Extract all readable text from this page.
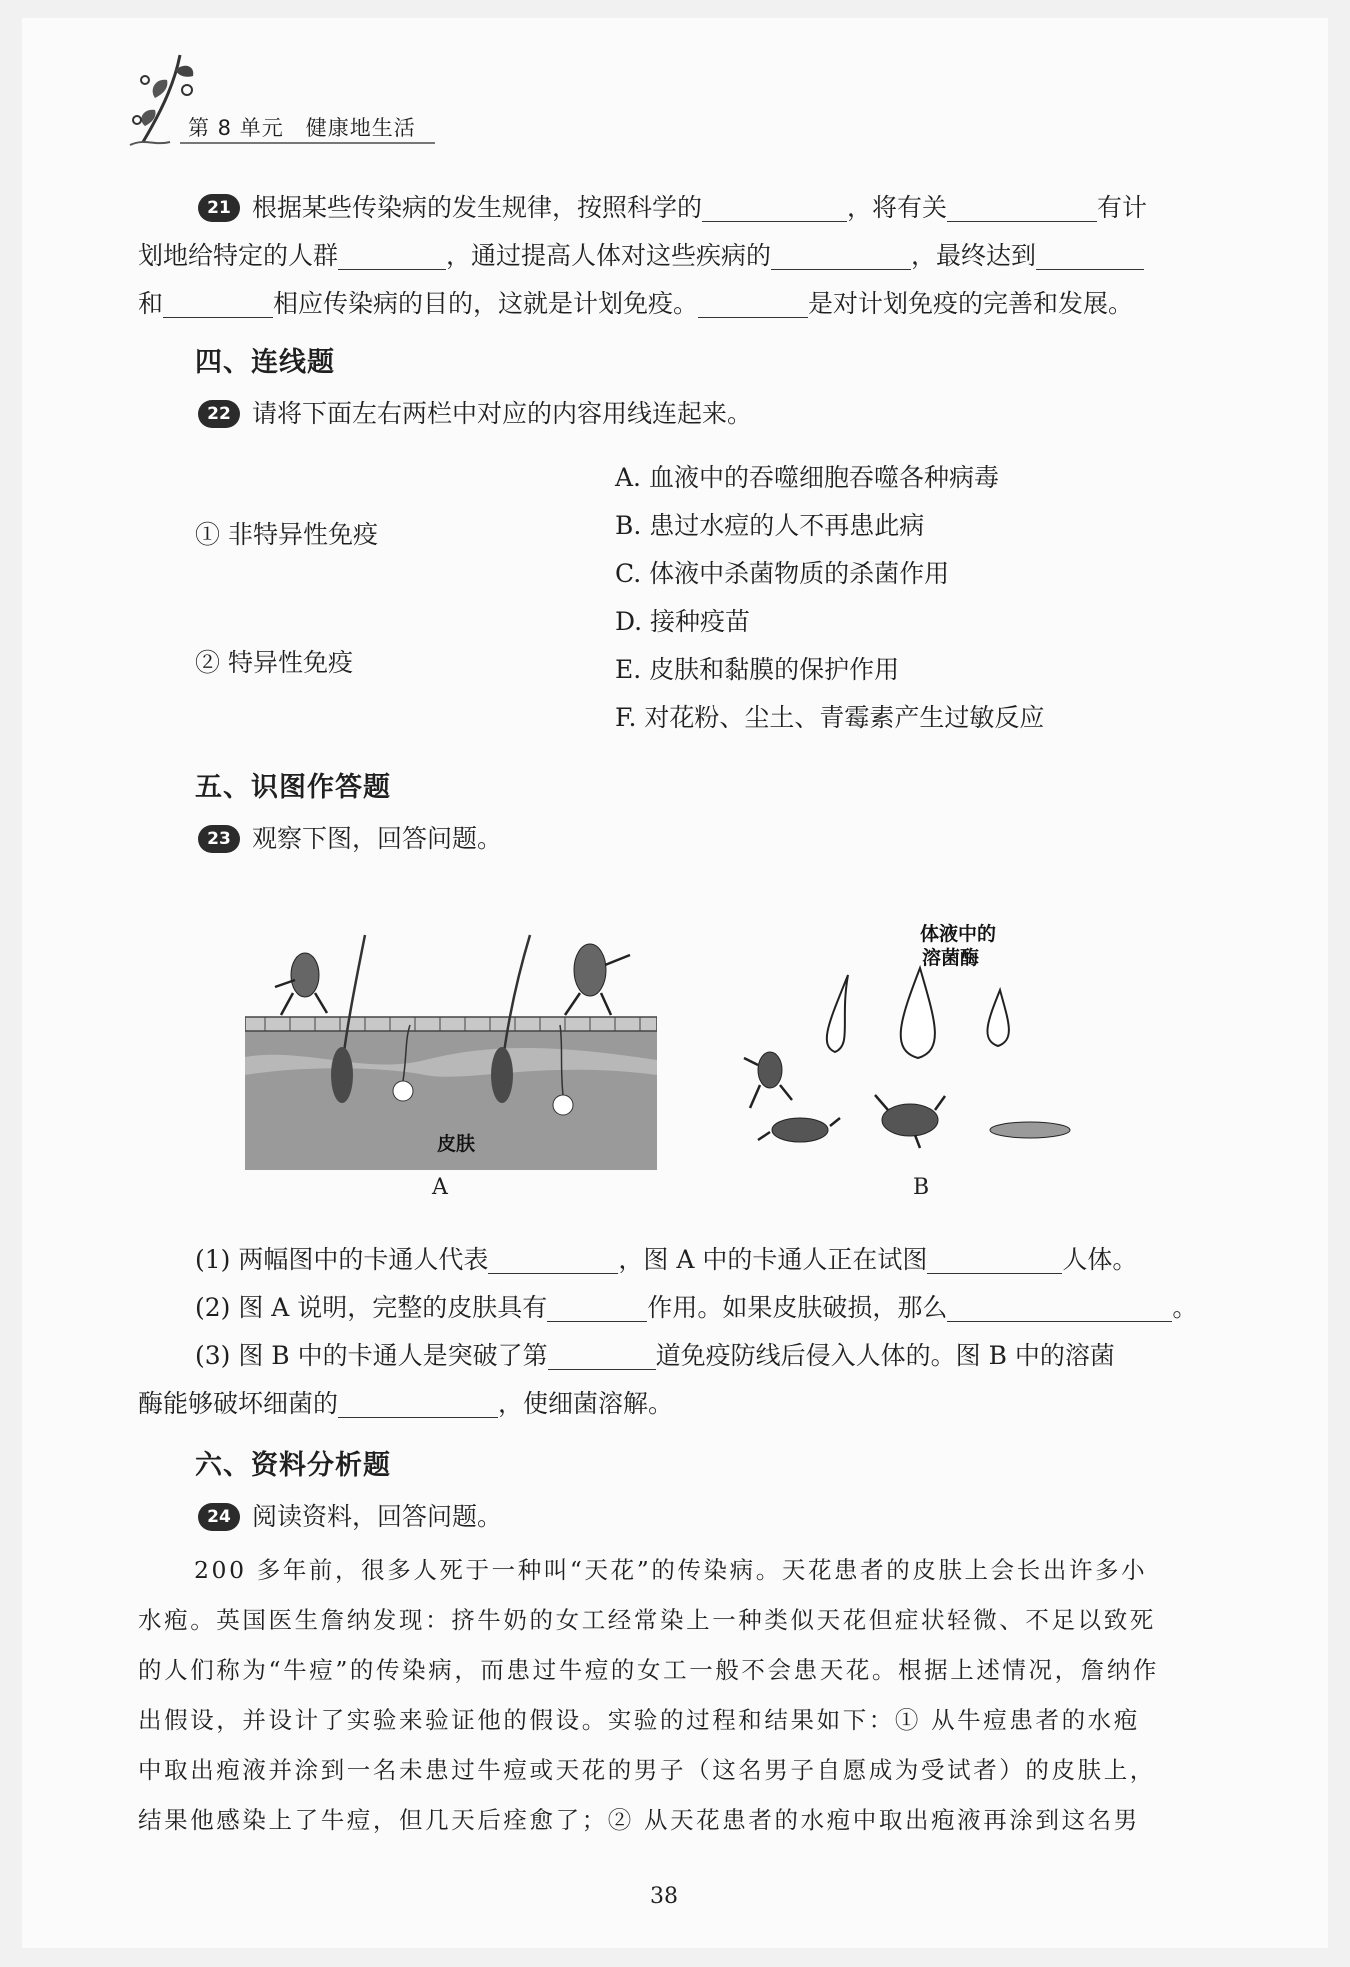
第 8 单元　健康地生活
21 根据某些传染病的发生规律，按照科学的	，将有关	有计
划地给特定的人群	，通过提高人体对这些疾病的	，最终达到
和	相应传染病的目的，这就是计划免疫。	是对计划免疫的完善和发展。
四、连线题
22 请将下面左右两栏中对应的内容用线连起来。
① 非特异性免疫
② 特异性免疫
A. 血液中的吞噬细胞吞噬各种病毒
B. 患过水痘的人不再患此病
C. 体液中杀菌物质的杀菌作用
D. 接种疫苗
E. 皮肤和黏膜的保护作用
F. 对花粉、尘土、青霉素产生过敏反应
五、识图作答题
23 观察下图，回答问题。
皮肤
A
体液中的
溶菌酶
B
(1) 两幅图中的卡通人代表	，图 A 中的卡通人正在试图	人体。
(2) 图 A 说明，完整的皮肤具有	作用。如果皮肤破损，那么	。
(3) 图 B 中的卡通人是突破了第	道免疫防线后侵入人体的。图 B 中的溶菌
酶能够破坏细菌的	，使细菌溶解。
六、资料分析题
24 阅读资料，回答问题。
200 多年前，很多人死于一种叫“天花”的传染病。天花患者的皮肤上会长出许多小
水疱。英国医生詹纳发现：挤牛奶的女工经常染上一种类似天花但症状轻微、不足以致死
的人们称为“牛痘”的传染病，而患过牛痘的女工一般不会患天花。根据上述情况，詹纳作
出假设，并设计了实验来验证他的假设。实验的过程和结果如下：① 从牛痘患者的水疱
中取出疱液并涂到一名未患过牛痘或天花的男子（这名男子自愿成为受试者）的皮肤上，
结果他感染上了牛痘，但几天后痊愈了；② 从天花患者的水疱中取出疱液再涂到这名男
38
